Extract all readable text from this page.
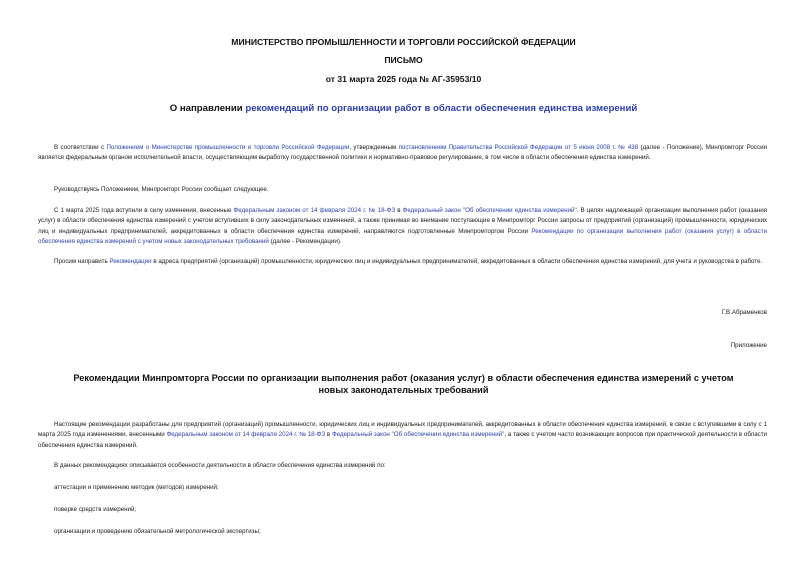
МИНИСТЕРСТВО ПРОМЫШЛЕННОСТИ И ТОРГОВЛИ РОССИЙСКОЙ ФЕДЕРАЦИИ
ПИСЬМО
от 31 марта 2025 года № АГ-35953/10
О направлении рекомендаций по организации работ в области обеспечения единства измерений

В соответствии с Положением о Министерстве промышленности и торговли Российской Федерации, утвержденным постановлением Правительства Российской Федерации от 5 июня 2008 г. № 438 (далее - Положение), Минпромторг России является федеральным органом исполнительной власти, осуществляющим выработку государственной политики и нормативно-правовое регулирование, в том числе в области обеспечения единства измерений.

Руководствуясь Положением, Минпромторг России сообщает следующее.

С 1 марта 2025 года вступили в силу изменения, внесенные Федеральным законом от 14 февраля 2024 г. № 18-ФЗ в Федеральный закон "Об обеспечении единства измерений". В целях надлежащей организации выполнения работ (оказания услуг) в области обеспечения единства измерений с учетом вступивших в силу законодательных изменений, а также принимая во внимание поступающие в Минпромторг России запросы от предприятий (организаций) промышленности, юридических лиц и индивидуальных предпринимателей, аккредитованных в области обеспечения единства измерений, направляются подготовленные Минпромторгом России Рекомендации по организации выполнения работ (оказания услуг) в области обеспечения единства измерений с учетом новых законодательных требований (далее - Рекомендации).

Просим направить Рекомендации в адреса предприятий (организаций) промышленности, юридических лиц и индивидуальных предпринимателей, аккредитованных в области обеспечения единства измерений, для учета и руководства в работе.

Г.В.Абраменков
Приложение
Рекомендации Минпромторга России по организации выполнения работ (оказания услуг) в области обеспечения единства измерений с учетом новых законодательных требований

Настоящие рекомендации разработаны для предприятий (организаций) промышленности, юридических лиц и индивидуальных предпринимателей, аккредитованных в области обеспечения единства измерений, в связи с вступившими в силу с 1 марта 2025 года изменениями, внесенными Федеральным законом от 14 февраля 2024 г. № 18-ФЗ в Федеральный закон "Об обеспечении единства измерений", а также с учетом часто возникающих вопросов при практической деятельности в области обеспечения единства измерений.

В данных рекомендациях описывается особенности деятельности в области обеспечения единства измерений по:

аттестации и применению методик (методов) измерений;
поверке средств измерений;
организации и проведению обязательной метрологической экспертизы;
